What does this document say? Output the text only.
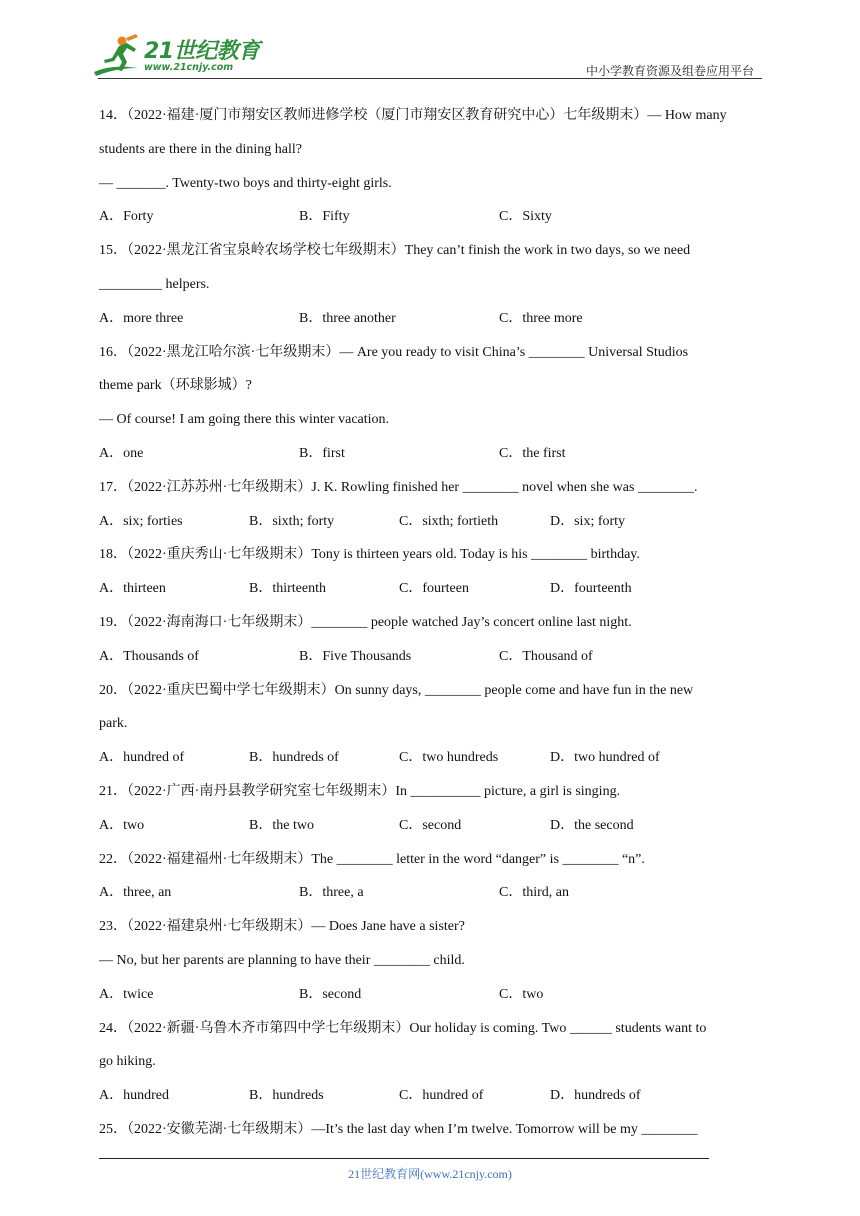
21世纪教育
www.21cnjy.com	中小学教育资源及组卷应用平台
14．（2022·福建·厦门市翔安区教师进修学校（厦门市翔安区教育研究中心）七年级期末）— How many
students are there in the dining hall?
— _______. Twenty-two boys and thirty-eight girls.
A．Forty	B．Fifty	C．Sixty
15．（2022·黑龙江省宝泉岭农场学校七年级期末）They can’t finish the work in two days, so we need
_________ helpers.
A．more three	B．three another	C．three more
16．（2022·黑龙江哈尔滨·七年级期末）— Are you ready to visit China’s ________ Universal Studios
theme park（环球影城）?
— Of course! I am going there this winter vacation.
A．one	B．first	C．the first
17．（2022·江苏苏州·七年级期末）J. K. Rowling finished her ________ novel when she was ________.
A．six; forties	B．sixth; forty	C．sixth; fortieth	D．six; forty
18．（2022·重庆秀山·七年级期末）Tony is thirteen years old. Today is his ________ birthday.
A．thirteen	B．thirteenth	C．fourteen	D．fourteenth
19．（2022·海南海口·七年级期末）________ people watched Jay’s concert online last night.
A．Thousands of	B．Five Thousands	C．Thousand of
20．（2022·重庆巴蜀中学七年级期末）On sunny days, ________ people come and have fun in the new
park.
A．hundred of	B．hundreds of	C．two hundreds	D．two hundred of
21．（2022·广西·南丹县教学研究室七年级期末）In __________ picture, a girl is singing.
A．two	B．the two	C．second	D．the second
22．（2022·福建福州·七年级期末）The ________ letter in the word “danger” is ________ “n”.
A．three, an	B．three, a	C．third, an
23．（2022·福建泉州·七年级期末）— Does Jane have a sister?
— No, but her parents are planning to have their ________ child.
A．twice	B．second	C．two
24．（2022·新疆·乌鲁木齐市第四中学七年级期末）Our holiday is coming. Two ______ students want to
go hiking.
A．hundred	B．hundreds	C．hundred of	D．hundreds of
25．（2022·安徽芜湖·七年级期末）—It’s the last day when I’m twelve. Tomorrow will be my ________
21世纪教育网(www.21cnjy.com)
